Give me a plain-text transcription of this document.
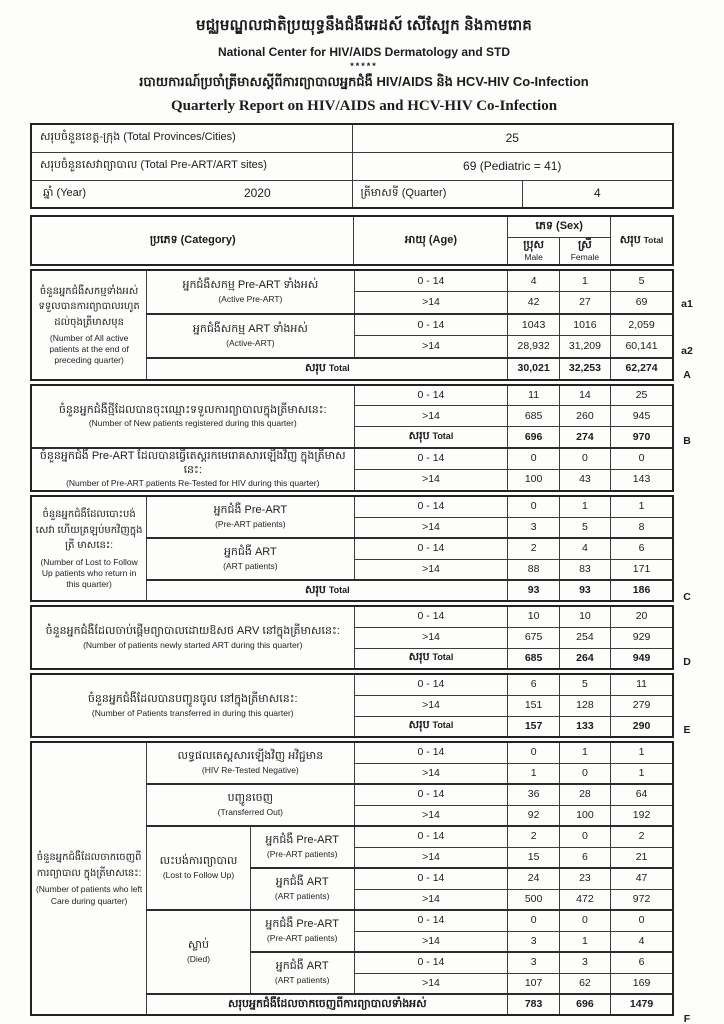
មជ្ឈមណ្ឌលជាតិប្រយុទ្ធនឹងជំងឺអេដស៍ សើស្បែក និងកាមរោគ
National Center for HIV/AIDS Dermatology and STD
*****
របាយការណ៍ប្រចាំត្រីមាសស្តីពីការព្យាបាលអ្នកជំងឺ HIV/AIDS និង HCV-HIV Co-Infection
Quarterly Report on HIV/AIDS and HCV-HIV Co-Infection
សរុបចំនួនខេត្ត-ក្រុង (Total Provinces/Cities)	25	
សរុបចំនួនសេវាព្យាបាល (Total Pre-ART/ART sites)	69 (Pediatric = 41)	

ឆ្នាំ (Year) 2020	ត្រីមាសទី (Quarter)	4
ប្រភេទ (Category)	អាយុ (Age)	ភេទ (Sex)		សរុប Total

ប្រុស
Male

ស្រី
Female
ចំនួនអ្នកជំងឺសកម្មទាំងអស់ ទទួលបានការព្យាបាលរហូត ដល់ចុងត្រីមាសមុន
(Number of All active patients at the end of preceding quarter)	អ្នកជំងឺសកម្ម Pre-ART ទាំងអស់
(Active Pre-ART)	0 - 14	4	1	5
		>14	42	27	69
	អ្នកជំងឺសកម្ម ART ទាំងអស់
(Active-ART)	0 - 14	1043	1016	2,059
		>14	28,932	31,209	60,141
	សរុប Total		30,021	32,253	62,274
a1
a2
A
ចំនួនអ្នកជំងឺថ្មីដែលបានចុះឈ្មោះទទួលការព្យាបាលក្នុងត្រីមាសនេះ:
(Number of New patients registered during this quarter)	0 - 14	11	14	25
	>14	685	260	945
	សរុប Total	696	274	970
ចំនួនអ្នកជំងឺ Pre-ART ដែលបានធ្វើតេស្តរកមេរោគសារឡើងវិញ ក្នុងត្រីមាសនេះ:
(Number of Pre-ART patients Re-Tested for HIV during this quarter)	0 - 14	0	0	0
	>14	100	43	143
B
ចំនួនអ្នកជំងឺដែលបោះបង់ សេវា ហើយត្រឡប់មកវិញក្នុងត្រី មាសនេះ:
(Number of Lost to Follow Up patients who return in this quarter)	អ្នកជំងឺ Pre-ART
(Pre-ART patients)	0 - 14	0	1	1
		>14	3	5	8
	អ្នកជំងឺ ART
(ART patients)	0 - 14	2	4	6
		>14	88	83	171
	សរុប Total		93	93	186
C
ចំនួនអ្នកជំងឺដែលចាប់ផ្តើមព្យាបាលដោយឱសថ ARV នៅក្នុងត្រីមាសនេះ:
(Number of patients newly started ART during this quarter)	0 - 14	10	10	20
	>14	675	254	929
	សរុប Total	685	264	949	D
ចំនួនអ្នកជំងឺដែលបានបញ្ជូនចូល នៅក្នុងត្រីមាសនេះ:
(Number of Patients transferred in during this quarter)	0 - 14	6	5	11
	>14	151	128	279
	សរុប Total	157	133	290	E
ចំនួនអ្នកជំងឺដែលចាកចេញពី ការព្យាបាល ក្នុងត្រីមាសនេះ:
(Number of patients who left Care during quarter)	លទ្ធផលតេស្តសារឡើងវិញ អវិជ្ជមាន
(HIV Re-Tested Negative)		0 - 14	0	1	1
			>14	1	0	1
	បញ្ជូនចេញ
(Transferred Out)		0 - 14	36	28	64
			>14	92	100	192
	លះបង់ការព្យាបាល
(Lost to Follow Up)	អ្នកជំងឺ Pre-ART
(Pre-ART patients)	0 - 14	2	0	2
			>14	15	6	21
		អ្នកជំងឺ ART
(ART patients)	0 - 14	24	23	47
			>14	500	472	972
	ស្លាប់
(Died)	អ្នកជំងឺ Pre-ART
(Pre-ART patients)	0 - 14	0	0	0
			>14	3	1	4
		អ្នកជំងឺ ART
(ART patients)	0 - 14	3	3	6
			>14	107	62	169
	សរុបអ្នកជំងឺដែលចាកចេញពីការព្យាបាលទាំងអស់			783	696	1479
F
